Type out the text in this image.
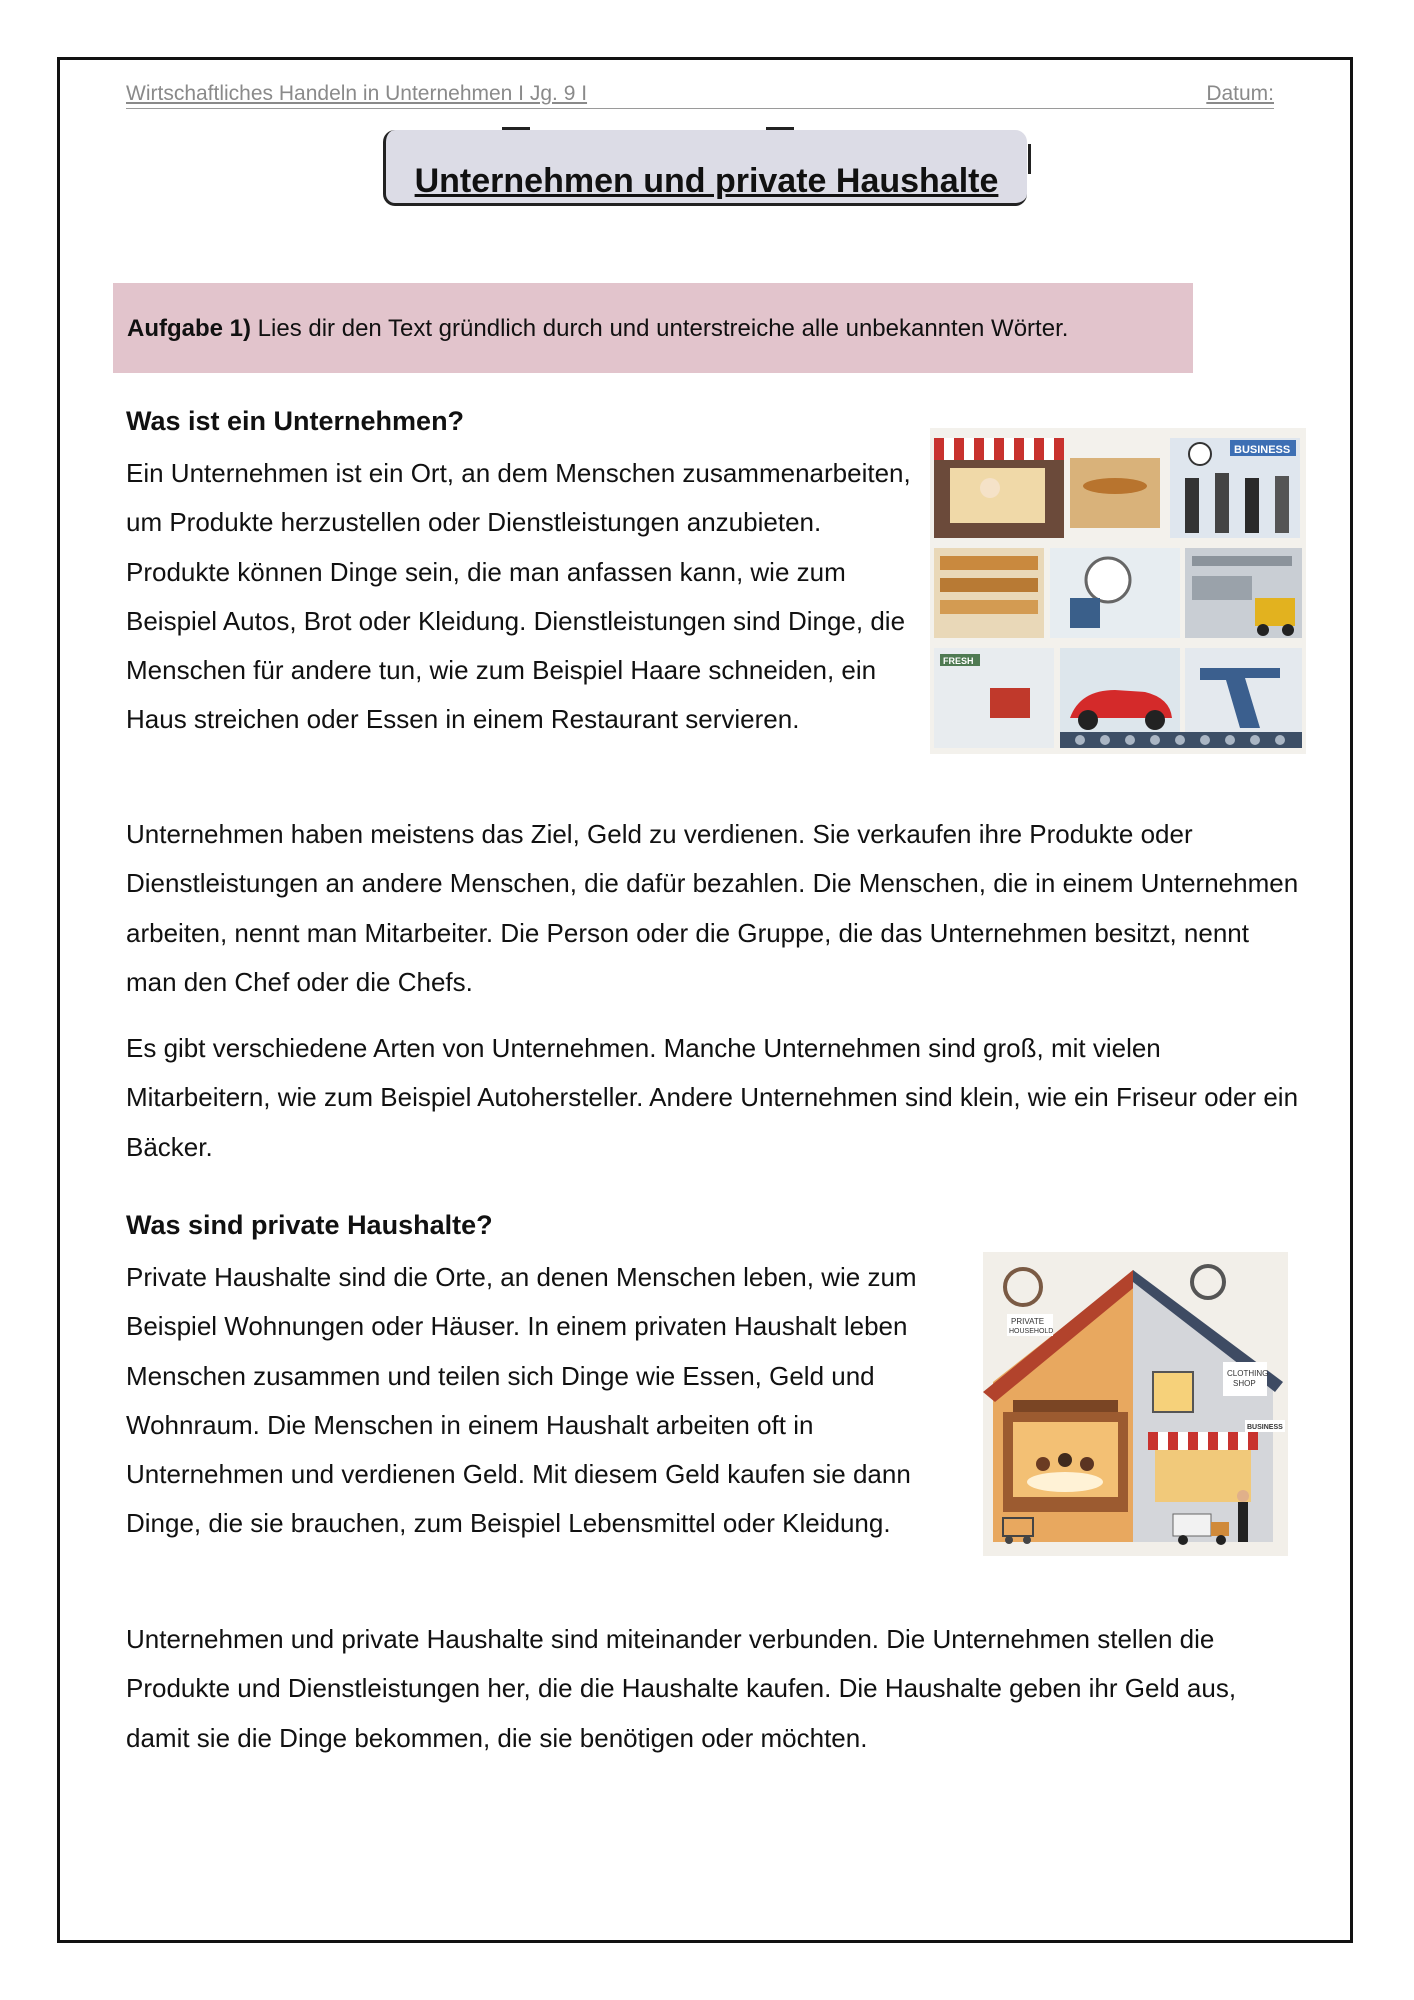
Wirtschaftliches Handeln in Unternehmen I Jg. 9 I	Datum:
Unternehmen und private Haushalte
Aufgabe 1) Lies dir den Text gründlich durch und unterstreiche alle unbekannten Wörter.
Was ist ein Unternehmen?

Ein Unternehmen ist ein Ort, an dem Menschen zusammenarbeiten, um Produkte herzustellen oder Dienstleistungen anzubieten. Produkte können Dinge sein, die man anfassen kann, wie zum Beispiel Autos, Brot oder Kleidung. Dienstleistungen sind Dinge, die Menschen für andere tun, wie zum Beispiel Haare schneiden, ein Haus streichen oder Essen in einem Restaurant servieren.

BUSINESS
FRESH

Unternehmen haben meistens das Ziel, Geld zu verdienen. Sie verkaufen ihre Produkte oder Dienstleistungen an andere Menschen, die dafür bezahlen. Die Menschen, die in einem Unternehmen arbeiten, nennt man Mitarbeiter. Die Person oder die Gruppe, die das Unternehmen besitzt, nennt man den Chef oder die Chefs.

Es gibt verschiedene Arten von Unternehmen. Manche Unternehmen sind groß, mit vielen Mitarbeitern, wie zum Beispiel Autohersteller. Andere Unternehmen sind klein, wie ein Friseur oder ein Bäcker.

Was sind private Haushalte?

Private Haushalte sind die Orte, an denen Menschen leben, wie zum Beispiel Wohnungen oder Häuser. In einem privaten Haushalt leben Menschen zusammen und teilen sich Dinge wie Essen, Geld und Wohnraum. Die Menschen in einem Haushalt arbeiten oft in Unternehmen und verdienen Geld. Mit diesem Geld kaufen sie dann Dinge, die sie brauchen, zum Beispiel Lebensmittel oder Kleidung.

PRIVATE
HOUSEHOLD
CLOTHING
SHOP
BUSINESS

Unternehmen und private Haushalte sind miteinander verbunden. Die Unternehmen stellen die Produkte und Dienstleistungen her, die die Haushalte kaufen. Die Haushalte geben ihr Geld aus, damit sie die Dinge bekommen, die sie benötigen oder möchten.
